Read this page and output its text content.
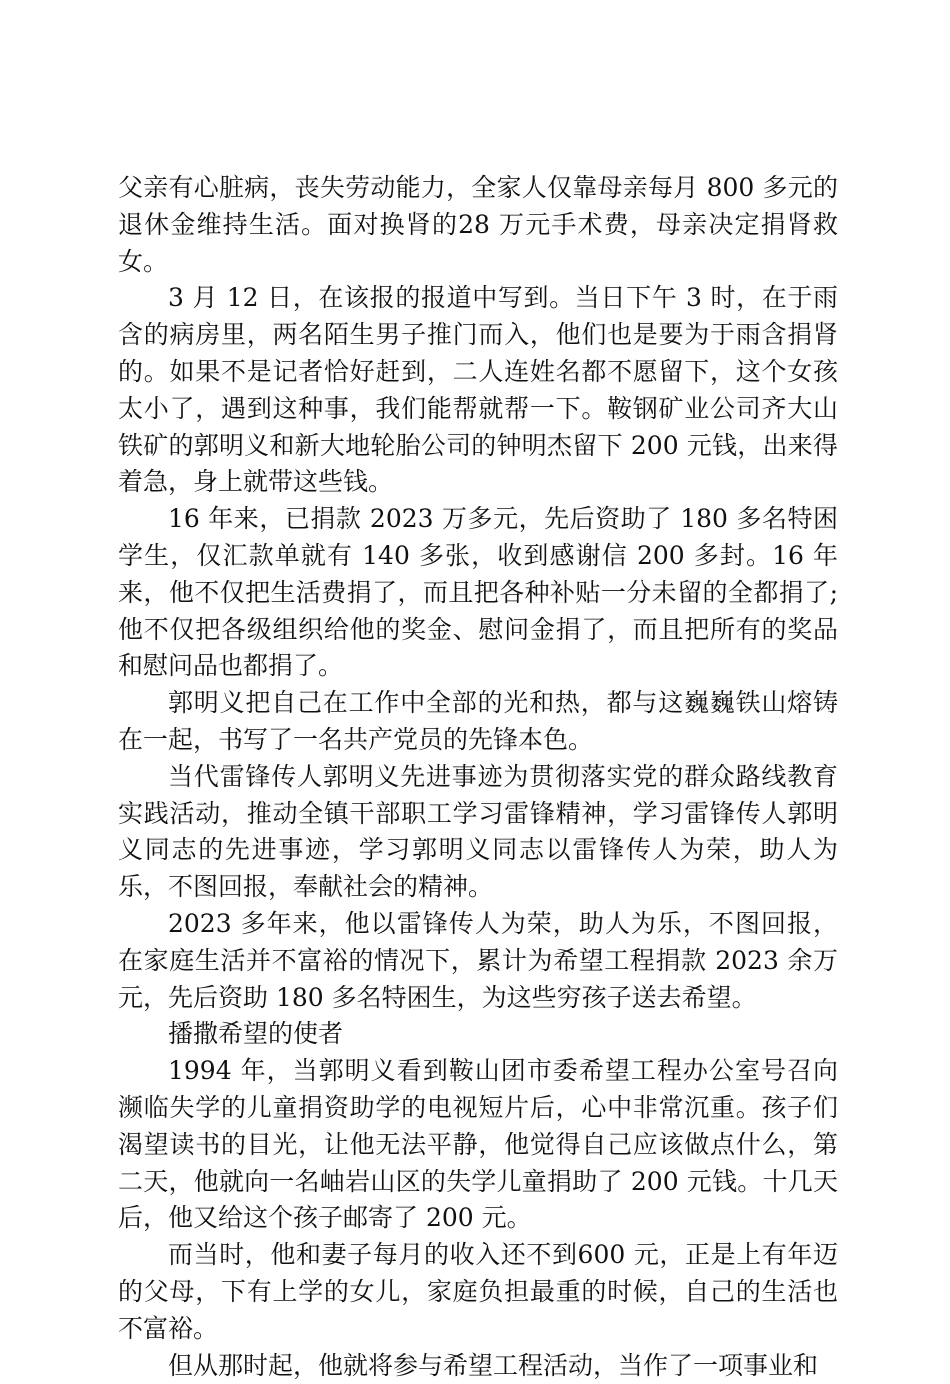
父亲有心脏病，丧失劳动能力，全家人仅靠母亲每月 800 多元的退休金维持生活。面对换肾的28 万元手术费，母亲决定捐肾救女。

3 月 12 日，在该报的报道中写到。当日下午 3 时，在于雨含的病房里，两名陌生男子推门而入，他们也是要为于雨含捐肾的。如果不是记者恰好赶到，二人连姓名都不愿留下，这个女孩太小了，遇到这种事，我们能帮就帮一下。鞍钢矿业公司齐大山铁矿的郭明义和新大地轮胎公司的钟明杰留下 200 元钱，出来得着急，身上就带这些钱。

16 年来，已捐款 2023 万多元，先后资助了 180 多名特困学生，仅汇款单就有 140 多张，收到感谢信 200 多封。16 年来，他不仅把生活费捐了，而且把各种补贴一分未留的全都捐了;他不仅把各级组织给他的奖金、慰问金捐了，而且把所有的奖品和慰问品也都捐了。

郭明义把自己在工作中全部的光和热，都与这巍巍铁山熔铸在一起，书写了一名共产党员的先锋本色。

当代雷锋传人郭明义先进事迹为贯彻落实党的群众路线教育实践活动，推动全镇干部职工学习雷锋精神，学习雷锋传人郭明义同志的先进事迹，学习郭明义同志以雷锋传人为荣，助人为乐，不图回报，奉献社会的精神。

2023 多年来，他以雷锋传人为荣，助人为乐，不图回报，在家庭生活并不富裕的情况下，累计为希望工程捐款 2023 余万元，先后资助 180 多名特困生，为这些穷孩子送去希望。

播撒希望的使者

1994 年，当郭明义看到鞍山团市委希望工程办公室号召向濒临失学的儿童捐资助学的电视短片后，心中非常沉重。孩子们渴望读书的目光，让他无法平静，他觉得自己应该做点什么，第二天，他就向一名岫岩山区的失学儿童捐助了 200 元钱。十几天后，他又给这个孩子邮寄了 200 元。

而当时，他和妻子每月的收入还不到600 元，正是上有年迈的父母，下有上学的女儿，家庭负担最重的时候，自己的生活也不富裕。

但从那时起，他就将参与希望工程活动，当作了一项事业和
